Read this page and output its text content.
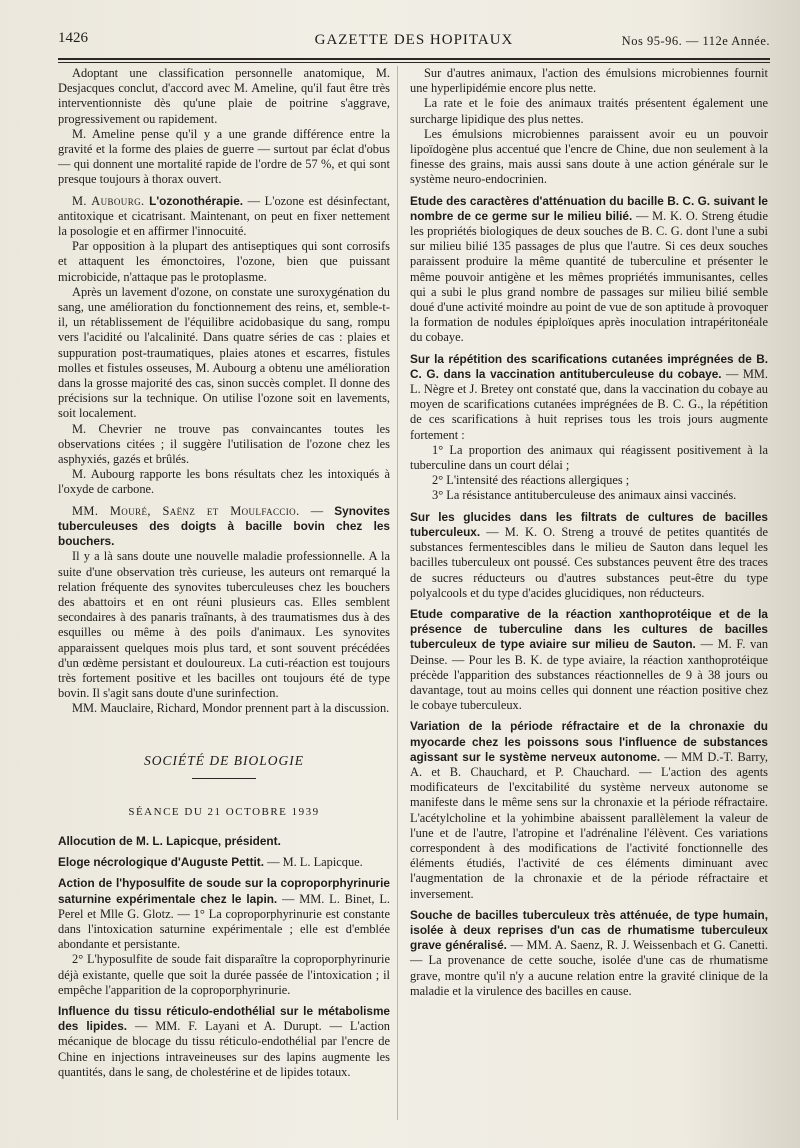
1426	GAZETTE DES HOPITAUX	Nos 95-96. — 112e Année.

Adoptant une classification personnelle anatomique, M. Desjacques conclut, d'accord avec M. Ameline, qu'il faut être très interventionniste dès qu'une plaie de poitrine s'aggrave, progressivement ou rapidement.

M. Ameline pense qu'il y a une grande différence entre la gravité et la forme des plaies de guerre — surtout par éclat d'obus — qui donnent une mortalité rapide de l'ordre de 57 %, et qui sont presque toujours à thorax ouvert.

M. Aubourg. L'ozonothérapie. — L'ozone est désinfectant, antitoxique et cicatrisant. Maintenant, on peut en fixer nettement la posologie et en affirmer l'innocuité.

Par opposition à la plupart des antiseptiques qui sont corrosifs et attaquent les émonctoires, l'ozone, bien que puissant microbicide, n'attaque pas le protoplasme.

Après un lavement d'ozone, on constate une suroxygénation du sang, une amélioration du fonctionnement des reins, et, semble-t-il, un rétablissement de l'équilibre acidobasique du sang, rompu vers l'acidité ou l'alcalinité. Dans quatre séries de cas : plaies et suppuration post-traumatiques, plaies atones et escarres, fistules molles et fistules osseuses, M. Aubourg a obtenu une amélioration dans la grosse majorité des cas, sinon succès complet. Il donne des précisions sur la technique. On utilise l'ozone soit en lavements, soit localement.

M. Chevrier ne trouve pas convaincantes toutes les observations citées ; il suggère l'utilisation de l'ozone chez les asphyxiés, gazés et brûlés.

M. Aubourg rapporte les bons résultats chez les intoxiqués à l'oxyde de carbone.

MM. Mouré, Saënz et Moulfaccio. — Synovites tuberculeuses des doigts à bacille bovin chez les bouchers.

Il y a là sans doute une nouvelle maladie professionnelle. A la suite d'une observation très curieuse, les auteurs ont remarqué la relation fréquente des synovites tuberculeuses chez les bouchers des abattoirs et en ont réuni plusieurs cas. Elles semblent secondaires à des panaris traînants, à des traumatismes dus à des esquilles ou même à des poils d'animaux. Les synovites apparaissent quelques mois plus tard, et sont souvent précédées d'un œdème persistant et douloureux. La cuti-réaction est toujours très fortement positive et les bacilles ont toujours été de type bovin. Il s'agit sans doute d'une surinfection.

MM. Mauclaire, Richard, Mondor prennent part à la discussion.

SOCIÉTÉ DE BIOLOGIE
SÉANCE DU 21 OCTOBRE 1939

Allocution de M. L. Lapicque, président.

Eloge nécrologique d'Auguste Pettit. — M. L. Lapicque.

Action de l'hyposulfite de soude sur la coproporphyrinurie saturnine expérimentale chez le lapin. — MM. L. Binet, L. Perel et Mlle G. Glotz. — 1° La coproporphyrinurie est constante dans l'intoxication saturnine expérimentale ; elle est d'emblée abondante et persistante.

2° L'hyposulfite de soude fait disparaître la coproporphyrinurie déjà existante, quelle que soit la durée passée de l'intoxication ; il empêche l'apparition de la coproporphyrinurie.

Influence du tissu réticulo-endothélial sur le métabolisme des lipides. — MM. F. Layani et A. Durupt. — L'action mécanique de blocage du tissu réticulo-endothélial par l'encre de Chine en injections intraveineuses sur des lapins augmente les quantités, dans le sang, de cholestérine et de lipides totaux.

Sur d'autres animaux, l'action des émulsions microbiennes fournit une hyperlipidémie encore plus nette.

La rate et le foie des animaux traités présentent également une surcharge lipidique des plus nettes.

Les émulsions microbiennes paraissent avoir eu un pouvoir lipoïdogène plus accentué que l'encre de Chine, due non seulement à la finesse des grains, mais aussi sans doute à une action générale sur le système neuro-endocrinien.

Etude des caractères d'atténuation du bacille B. C. G. suivant le nombre de ce germe sur le milieu bilié. — M. K. O. Streng étudie les propriétés biologiques de deux souches de B. C. G. dont l'une a subi sur milieu bilié 135 passages de plus que l'autre. Si ces deux souches paraissent produire la même quantité de tuberculine et présenter le même pouvoir antigène et les mêmes propriétés immunisantes, celles qui a subi le plus grand nombre de passages sur milieu bilié semble doué d'une activité moindre au point de vue de son aptitude à provoquer la formation de nodules épiploïques après inoculation intrapéritonéale du cobaye.

Sur la répétition des scarifications cutanées imprégnées de B. C. G. dans la vaccination antituberculeuse du cobaye. — MM. L. Nègre et J. Bretey ont constaté que, dans la vaccination du cobaye au moyen de scarifications cutanées imprégnées de B. C. G., la répétition de ces scarifications à huit reprises tous les trois jours augmente fortement :

1° La proportion des animaux qui réagissent positivement à la tuberculine dans un court délai ;

2° L'intensité des réactions allergiques ;

3° La résistance antituberculeuse des animaux ainsi vaccinés.

Sur les glucides dans les filtrats de cultures de bacilles tuberculeux. — M. K. O. Streng a trouvé de petites quantités de substances fermentescibles dans le milieu de Sauton dans lequel les bacilles tuberculeux ont poussé. Ces substances peuvent être des traces de sucres réducteurs ou d'autres substances peut-être du type polyalcools et du type d'acides glucidiques, non réducteurs.

Etude comparative de la réaction xanthoprotéique et de la présence de tuberculine dans les cultures de bacilles tuberculeux de type aviaire sur milieu de Sauton. — M. F. van Deinse. — Pour les B. K. de type aviaire, la réaction xanthoprotéique précède l'apparition des substances réactionnelles de 9 à 38 jours ou davantage, tout au moins celles qui donnent une réaction positive chez le cobaye tuberculeux.

Variation de la période réfractaire et de la chronaxie du myocarde chez les poissons sous l'influence de substances agissant sur le système nerveux autonome. — MM D.-T. Barry, A. et B. Chauchard, et P. Chauchard. — L'action des agents modificateurs de l'excitabilité du système nerveux autonome se manifeste dans le même sens sur la chronaxie et la période réfractaire. L'acétylcholine et la yohimbine abaissent parallèlement la valeur de l'une et de l'autre, l'atropine et l'adrénaline l'élèvent. Ces variations correspondent à des modifications de l'activité fonctionnelle des éléments étudiés, l'activité de ces éléments diminuant avec l'augmentation de la chronaxie et de la période réfractaire et inversement.

Souche de bacilles tuberculeux très atténuée, de type humain, isolée à deux reprises d'un cas de rhumatisme tuberculeux grave généralisé. — MM. A. Saenz, R. J. Weissenbach et G. Canetti. — La provenance de cette souche, isolée d'une cas de rhumatisme grave, montre qu'il n'y a aucune relation entre la gravité clinique de la maladie et la virulence des bacilles en cause.
